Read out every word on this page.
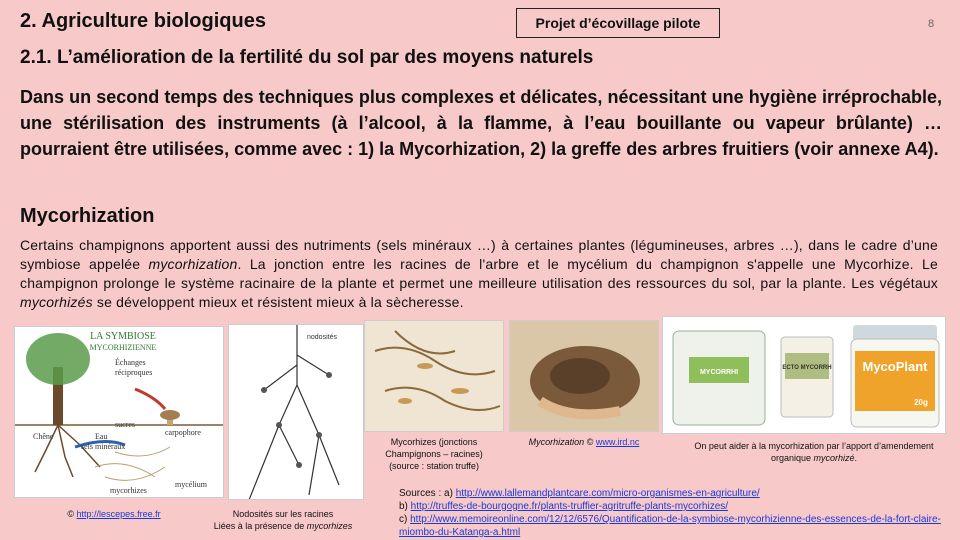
2. Agriculture biologiques	Projet d’écovillage pilote	8
2.1. L’amélioration de la fertilité du sol par des moyens naturels
Dans un second temps des techniques plus complexes et délicates, nécessitant une hygiène irréprochable, une stérilisation des instruments (à l’alcool, à la flamme, à l’eau bouillante ou vapeur brûlante) … pourraient être utilisées, comme avec : 1) la Mycorhization, 2) la greffe des arbres fruitiers (voir annexe A4).
Mycorhization
Certains champignons apportent aussi des nutriments (sels minéraux …) à certaines plantes (légumineuses, arbres …), dans le cadre d’une symbiose appelée mycorhization. La jonction entre les racines de l'arbre et le mycélium du champignon s'appelle une Mycorhize. Le champignon prolonge le système racinaire de la plante et permet une meilleure utilisation des ressources du sol, par la plante. Les végétaux mycorhizés se développent mieux et résistent mieux à la sècheresse.
LA SYMBIOSE
MYCORHIZIENNE
Échanges
réciproques
sucres
carpophore
Chêne	Eau
sels minéraux
mycorhizes
mycélium
© http://lescepes.free.fr
nodosités
Nodosités sur les racines
Liées à la présence de mycorhizes
Mycorhizes (jonctions
Champignons – racines)
(source : station truffe)
Mycorhization © www.ird.nc
MYCORRHI
ECTO MYCORRH MycoPlant
20g
On peut aider à la mycorhization par l’apport d’amendement
organique mycorhizé.
Sources : a) http://www.lallemandplantcare.com/micro-organismes-en-agriculture/
b) http://truffes-de-bourgogne.fr/plants-truffier-agritruffe-plants-mycorhizes/
c) http://www.memoireonline.com/12/12/6576/Quantification-de-la-symbiose-mycorhizienne-des-essences-de-la-fort-claire-miombo-du-Katanga-a.html
